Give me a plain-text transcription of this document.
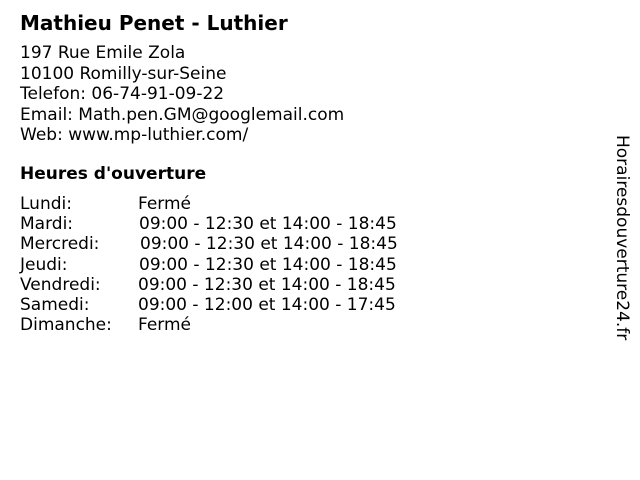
Mathieu Penet - Luthier
197 Rue Emile Zola
10100 Romilly-sur-Seine
Telefon: 06-74-91-09-22
Email: Math.pen.GM@googlemail.com
Web: www.mp-luthier.com/
Heures d'ouverture
Lundi:	Fermé
Mardi:	09:00 - 12:30 et 14:00 - 18:45
Mercredi: 09:00 - 12:30 et 14:00 - 18:45
Jeudi:	09:00 - 12:30 et 14:00 - 18:45
Vendredi: 09:00 - 12:30 et 14:00 - 18:45
Samedi:	09:00 - 12:00 et 14:00 - 17:45
Dimanche: Fermé	Horairesdouverture24.fr
